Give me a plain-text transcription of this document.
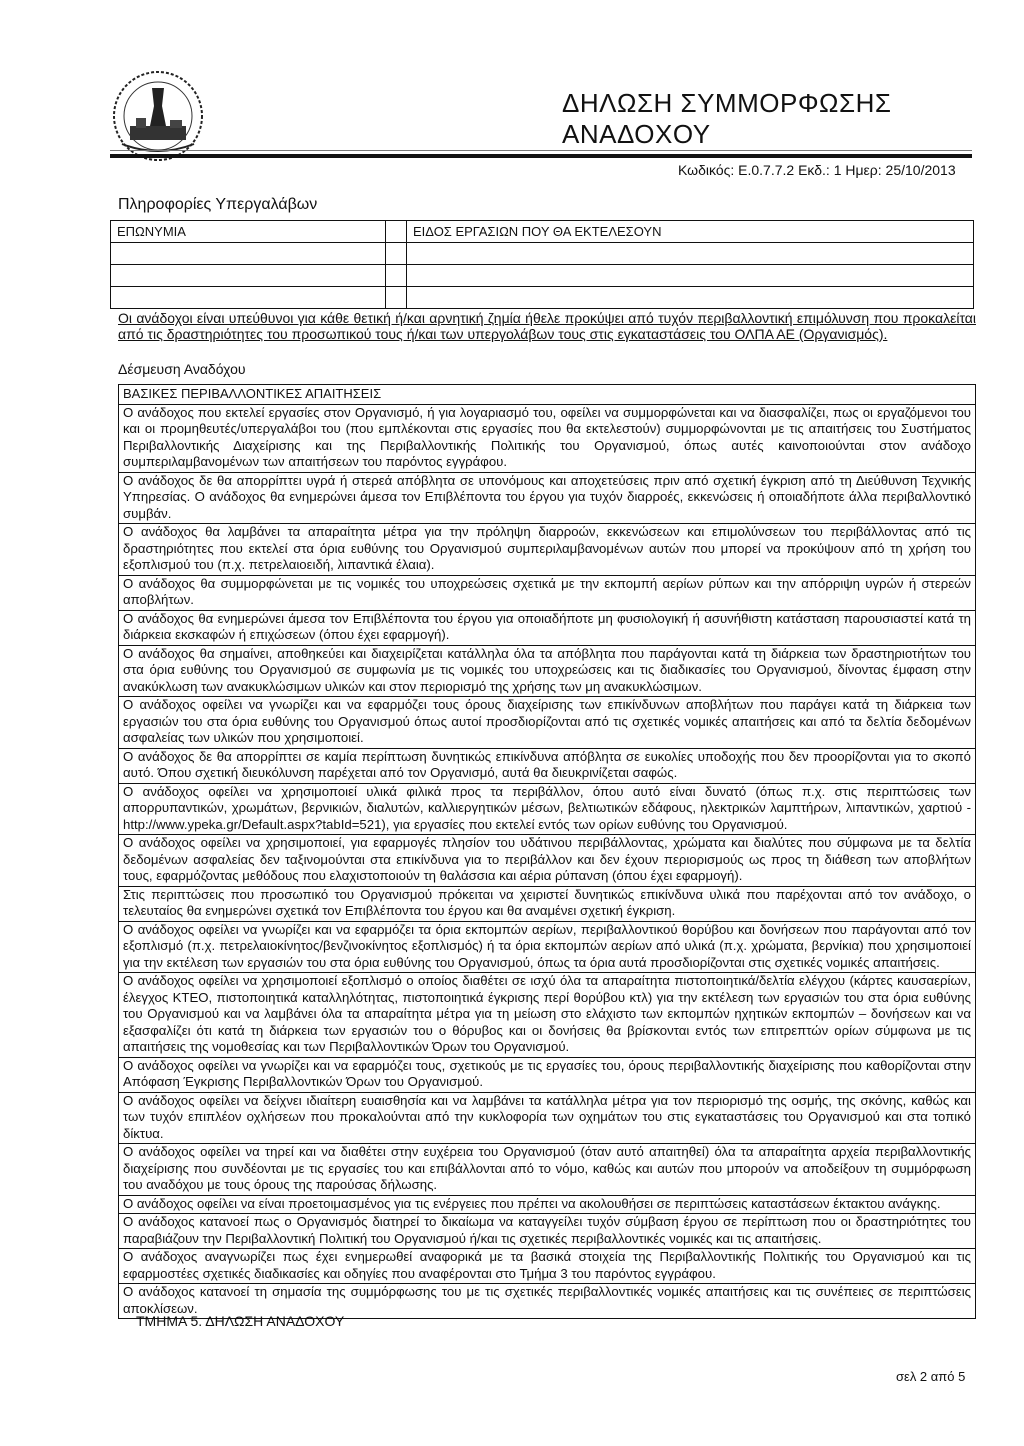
ΔΗΛΩΣΗ ΣΥΜΜΟΡΦΩΣΗΣ ΑΝΑΔΟΧΟΥ
Κωδικός: Ε.0.7.7.2 Εκδ.: 1 Ημερ: 25/10/2013
Πληροφορίες Υπεργαλάβων
ΕΠΩΝΥΜΙΑ		ΕΙΔΟΣ ΕΡΓΑΣΙΩΝ ΠΟΥ ΘΑ ΕΚΤΕΛΕΣΟΥΝ

Οι ανάδοχοι είναι υπεύθυνοι για κάθε θετική ή/και αρνητική ζημία ήθελε προκύψει από τυχόν περιβαλλοντική επιμόλυνση που προκαλείται από τις δραστηριότητες του προσωπικού τους ή/και των υπεργολάβων τους στις εγκαταστάσεις του ΟΛΠΑ ΑΕ (Οργανισμός).
Δέσμευση Αναδόχου
ΒΑΣΙΚΕΣ ΠΕΡΙΒΑΛΛΟΝΤΙΚΕΣ ΑΠΑΙΤΗΣΕΙΣ
Ο ανάδοχος που εκτελεί εργασίες στον Οργανισμό, ή για λογαριασμό του, οφείλει να συμμορφώνεται και να διασφαλίζει, πως οι εργαζόμενοι του και οι προμηθευτές/υπεργαλάβοι του (που εμπλέκονται στις εργασίες που θα εκτελεστούν) συμμορφώνονται με τις απαιτήσεις του Συστήματος Περιβαλλοντικής Διαχείρισης και της Περιβαλλοντικής Πολιτικής του Οργανισμού, όπως αυτές καινοποιούνται στον ανάδοχο συμπεριλαμβανομένων των απαιτήσεων του παρόντος εγγράφου.
Ο ανάδοχος δε θα απορρίπτει υγρά ή στερεά απόβλητα σε υπονόμους και αποχετεύσεις πριν από σχετική έγκριση από τη Διεύθυνση Τεχνικής Υπηρεσίας. Ο ανάδοχος θα ενημερώνει άμεσα τον Επιβλέποντα του έργου για τυχόν διαρροές, εκκενώσεις ή οποιαδήποτε άλλα περιβαλλοντικό συμβάν.
Ο ανάδοχος θα λαμβάνει τα απαραίτητα μέτρα για την πρόληψη διαρροών, εκκενώσεων και επιμολύνσεων του περιβάλλοντας από τις δραστηριότητες που εκτελεί στα όρια ευθύνης του Οργανισμού συμπεριλαμβανομένων αυτών που μπορεί να προκύψουν από τη χρήση του εξοπλισμού του (π.χ. πετρελαιοειδή, λιπαντικά έλαια).
Ο ανάδοχος θα συμμορφώνεται με τις νομικές του υποχρεώσεις σχετικά με την εκπομπή αερίων ρύπων και την απόρριψη υγρών ή στερεών αποβλήτων.
Ο ανάδοχος θα ενημερώνει άμεσα τον Επιβλέποντα του έργου για οποιαδήποτε μη φυσιολογική ή ασυνήθιστη κατάσταση παρουσιαστεί κατά τη διάρκεια εκσκαφών ή επιχώσεων (όπου έχει εφαρμογή).
Ο ανάδοχος θα σημαίνει, αποθηκεύει και διαχειρίζεται κατάλληλα όλα τα απόβλητα που παράγονται κατά τη διάρκεια των δραστηριοτήτων του στα όρια ευθύνης του Οργανισμού σε συμφωνία με τις νομικές του υποχρεώσεις και τις διαδικασίες του Οργανισμού, δίνοντας έμφαση στην ανακύκλωση των ανακυκλώσιμων υλικών και στον περιορισμό της χρήσης των μη ανακυκλώσιμων.
Ο ανάδοχος οφείλει να γνωρίζει και να εφαρμόζει τους όρους διαχείρισης των επικίνδυνων αποβλήτων που παράγει κατά τη διάρκεια των εργασιών του στα όρια ευθύνης του Οργανισμού όπως αυτοί προσδιορίζονται από τις σχετικές νομικές απαιτήσεις και από τα δελτία δεδομένων ασφαλείας των υλικών που χρησιμοποιεί.
Ο ανάδοχος δε θα απορρίπτει σε καμία περίπτωση δυνητικώς επικίνδυνα απόβλητα σε ευκολίες υποδοχής που δεν προορίζονται για το σκοπό αυτό. Όπου σχετική διευκόλυνση παρέχεται από τον Οργανισμό, αυτά θα διευκρινίζεται σαφώς.
Ο ανάδοχος οφείλει να χρησιμοποιεί υλικά φιλικά προς τα περιβάλλον, όπου αυτό είναι δυνατό (όπως π.χ. στις περιπτώσεις των απορρυπαντικών, χρωμάτων, βερνικιών, διαλυτών, καλλιεργητικών μέσων, βελτιωτικών εδάφους, ηλεκτρικών λαμπτήρων, λιπαντικών, χαρτιού - http://www.ypeka.gr/Default.aspx?tabId=521), για εργασίες που εκτελεί εντός των ορίων ευθύνης του Οργανισμού.
Ο ανάδοχος οφείλει να χρησιμοποιεί, για εφαρμογές πλησίον του υδάτινου περιβάλλοντας, χρώματα και διαλύτες που σύμφωνα με τα δελτία δεδομένων ασφαλείας δεν ταξινομούνται στα επικίνδυνα για το περιβάλλον και δεν έχουν περιορισμούς ως προς τη διάθεση των αποβλήτων τους, εφαρμόζοντας μεθόδους που ελαχιστοποιούν τη θαλάσσια και αέρια ρύπανση (όπου έχει εφαρμογή).
Στις περιπτώσεις που προσωπικό του Οργανισμού πρόκειται να χειριστεί δυνητικώς επικίνδυνα υλικά που παρέχονται από τον ανάδοχο, ο τελευταίος θα ενημερώνει σχετικά τον Επιβλέποντα του έργου και θα αναμένει σχετική έγκριση.
Ο ανάδοχος οφείλει να γνωρίζει και να εφαρμόζει τα όρια εκπομπών αερίων, περιβαλλοντικού θορύβου και δονήσεων που παράγονται από τον εξοπλισμό (π.χ. πετρελαιοκίνητος/βενζινοκίνητος εξοπλισμός) ή τα όρια εκπομπών αερίων από υλικά (π.χ. χρώματα, βερνίκια) που χρησιμοποιεί για την εκτέλεση των εργασιών του στα όρια ευθύνης του Οργανισμού, όπως τα όρια αυτά προσδιορίζονται στις σχετικές νομικές απαιτήσεις.
Ο ανάδοχος οφείλει να χρησιμοποιεί εξοπλισμό ο οποίος διαθέτει σε ισχύ όλα τα απαραίτητα πιστοποιητικά/δελτία ελέγχου (κάρτες καυσαερίων, έλεγχος ΚΤΕΟ, πιστοποιητικά καταλληλότητας, πιστοποιητικά έγκρισης περί θορύβου κτλ) για την εκτέλεση των εργασιών του στα όρια ευθύνης του Οργανισμού και να λαμβάνει όλα τα απαραίτητα μέτρα για τη μείωση στο ελάχιστο των εκπομπών ηχητικών εκπομπών – δονήσεων και να εξασφαλίζει ότι κατά τη διάρκεια των εργασιών του ο θόρυβος και οι δονήσεις θα βρίσκονται εντός των επιτρεπτών ορίων σύμφωνα με τις απαιτήσεις της νομοθεσίας και των Περιβαλλοντικών Όρων του Οργανισμού.
Ο ανάδοχος οφείλει να γνωρίζει και να εφαρμόζει τους, σχετικούς με τις εργασίες του, όρους περιβαλλοντικής διαχείρισης που καθορίζονται στην Απόφαση Έγκρισης Περιβαλλοντικών Όρων του Οργανισμού.
Ο ανάδοχος οφείλει να δείχνει ιδιαίτερη ευαισθησία και να λαμβάνει τα κατάλληλα μέτρα για τον περιορισμό της οσμής, της σκόνης, καθώς και των τυχόν επιπλέον οχλήσεων που προκαλούνται από την κυκλοφορία των οχημάτων του στις εγκαταστάσεις του Οργανισμού και στα τοπικό δίκτυα.
Ο ανάδοχος οφείλει να τηρεί και να διαθέτει στην ευχέρεια του Οργανισμού (όταν αυτό απαιτηθεί) όλα τα απαραίτητα αρχεία περιβαλλοντικής διαχείρισης που συνδέονται με τις εργασίες του και επιβάλλονται από το νόμο, καθώς και αυτών που μπορούν να αποδείξουν τη συμμόρφωση του αναδόχου με τους όρους της παρούσας δήλωσης.
Ο ανάδοχος οφείλει να είναι προετοιμασμένος για τις ενέργειες που πρέπει να ακολουθήσει σε περιπτώσεις καταστάσεων έκτακτου ανάγκης.
Ο ανάδοχος κατανοεί πως ο Οργανισμός διατηρεί το δικαίωμα να καταγγείλει τυχόν σύμβαση έργου σε περίπτωση που οι δραστηριότητες του παραβιάζουν την Περιβαλλοντική Πολιτική του Οργανισμού ή/και τις σχετικές περιβαλλοντικές νομικές και τις απαιτήσεις.
Ο ανάδοχος αναγνωρίζει πως έχει ενημερωθεί αναφορικά με τα βασικά στοιχεία της Περιβαλλοντικής Πολιτικής του Οργανισμού και τις εφαρμοστέες σχετικές διαδικασίες και οδηγίες που αναφέρονται στο Τμήμα 3 του παρόντος εγγράφου.
Ο ανάδοχος κατανοεί τη σημασία της συμμόρφωσης του με τις σχετικές περιβαλλοντικές νομικές απαιτήσεις και τις συνέπειες σε περιπτώσεις αποκλίσεων.
ΤΜΗΜΑ 5. ΔΗΛΩΣΗ ΑΝΑΔΟΧΟΥ
σελ 2 από 5
